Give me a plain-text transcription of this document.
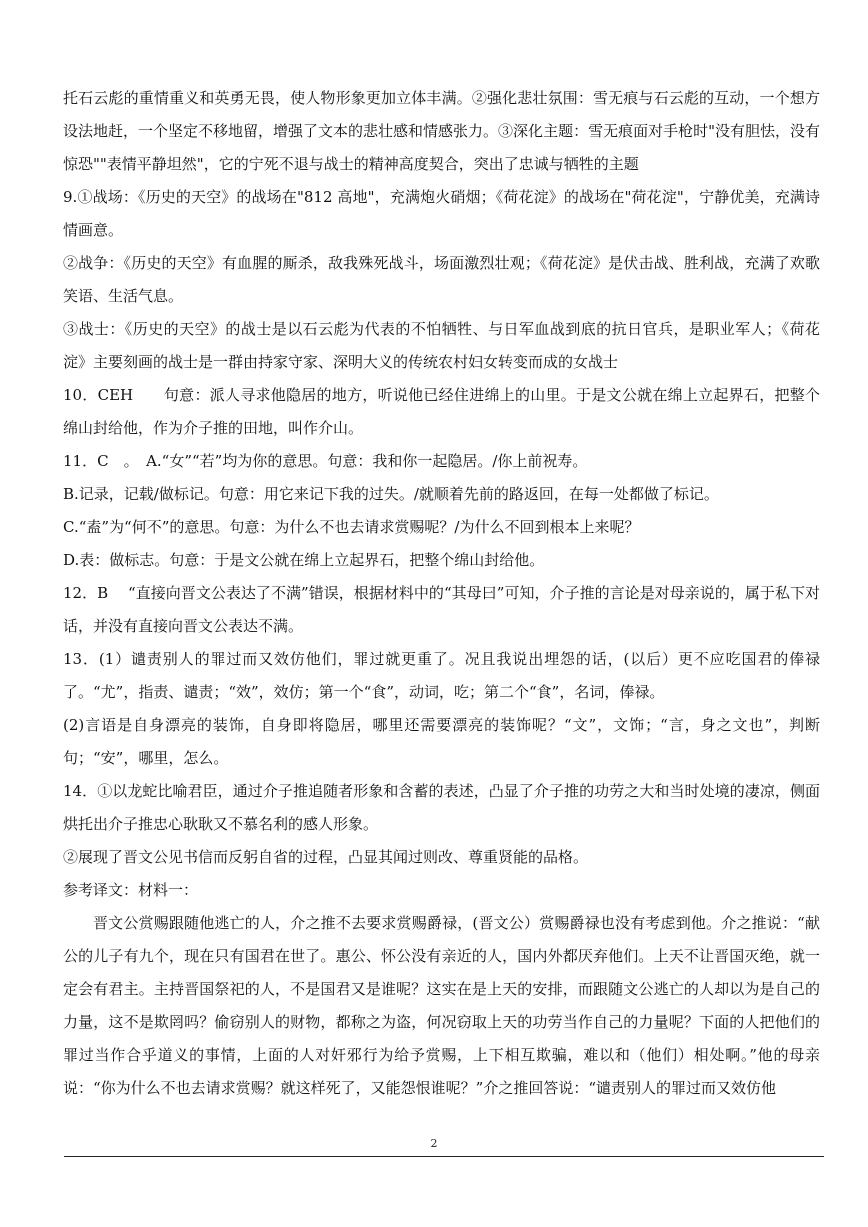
托石云彪的重情重义和英勇无畏，使人物形象更加立体丰满。②强化悲壮氛围：雪无痕与石云彪的互动，一个想方设法地赶，一个坚定不移地留，增强了文本的悲壮感和情感张力。③深化主题：雪无痕面对手枪时"没有胆怯，没有惊恐""表情平静坦然"，它的宁死不退与战士的精神高度契合，突出了忠诚与牺牲的主题

9.①战场：《历史的天空》的战场在"812 高地"，充满炮火硝烟；《荷花淀》的战场在"荷花淀"，宁静优美，充满诗情画意。

②战争：《历史的天空》有血腥的厮杀，敌我殊死战斗，场面激烈壮观；《荷花淀》是伏击战、胜利战，充满了欢歌笑语、生活气息。

③战士：《历史的天空》的战士是以石云彪为代表的不怕牺牲、与日军血战到底的抗日官兵，是职业军人；《荷花淀》主要刻画的战士是一群由持家守家、深明大义的传统农村妇女转变而成的女战士

10．CEH　　句意：派人寻求他隐居的地方，听说他已经住进绵上的山里。于是文公就在绵上立起界石，把整个绵山封给他，作为介子推的田地，叫作介山。

11．C　。　A.“女”“若”均为你的意思。句意：我和你一起隐居。/你上前祝寿。

B.记录，记载/做标记。句意：用它来记下我的过失。/就顺着先前的路返回，在每一处都做了标记。

C.“盍”为“何不”的意思。句意：为什么不也去请求赏赐呢？/为什么不回到根本上来呢？

D.表：做标志。句意：于是文公就在绵上立起界石，把整个绵山封给他。

12．B　 “直接向晋文公表达了不满”错误，根据材料中的“其母曰”可知，介子推的言论是对母亲说的，属于私下对话，并没有直接向晋文公表达不满。

13．(1）谴责别人的罪过而又效仿他们，罪过就更重了。况且我说出埋怨的话，(以后）更不应吃国君的俸禄了。“尤”，指责、谴责；“效”，效仿；第一个“食”，动词，吃；第二个“食”，名词，俸禄。

(2)言语是自身漂亮的装饰，自身即将隐居，哪里还需要漂亮的装饰呢？“文”，文饰；“言，身之文也”，判断句；“安”，哪里，怎么。

14．①以龙蛇比喻君臣，通过介子推追随者形象和含蓄的表述，凸显了介子推的功劳之大和当时处境的凄凉，侧面烘托出介子推忠心耿耿又不慕名利的感人形象。

②展现了晋文公见书信而反躬自省的过程，凸显其闻过则改、尊重贤能的品格。

参考译文：材料一：

晋文公赏赐跟随他逃亡的人，介之推不去要求赏赐爵禄，(晋文公）赏赐爵禄也没有考虑到他。介之推说：“献公的儿子有九个，现在只有国君在世了。惠公、怀公没有亲近的人，国内外都厌弃他们。上天不让晋国灭绝，就一定会有君主。主持晋国祭祀的人，不是国君又是谁呢？这实在是上天的安排，而跟随文公逃亡的人却以为是自己的力量，这不是欺罔吗？偷窃别人的财物，都称之为盗，何况窃取上天的功劳当作自己的力量呢？下面的人把他们的罪过当作合乎道义的事情，上面的人对奸邪行为给予赏赐，上下相互欺骗，难以和（他们）相处啊。”他的母亲说：“你为什么不也去请求赏赐？就这样死了，又能怨恨谁呢？”介之推回答说：“谴责别人的罪过而又效仿他

2
